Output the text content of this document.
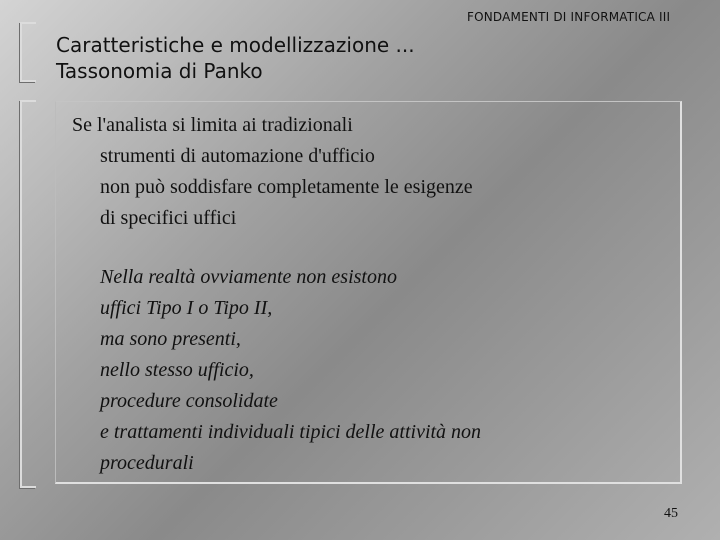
Caratteristiche e modellizzazione ...
Tassonomia di Panko
FONDAMENTI DI INFORMATICA III
Se l'analista si limita ai tradizionali
strumenti di automazione d'ufficio
non può soddisfare completamente le esigenze
di specifici uffici
Nella realtà ovviamente non esistono
uffici Tipo I o Tipo II,
ma sono presenti,
nello stesso ufficio,
procedure consolidate
e trattamenti individuali tipici delle attività non
procedurali
45
